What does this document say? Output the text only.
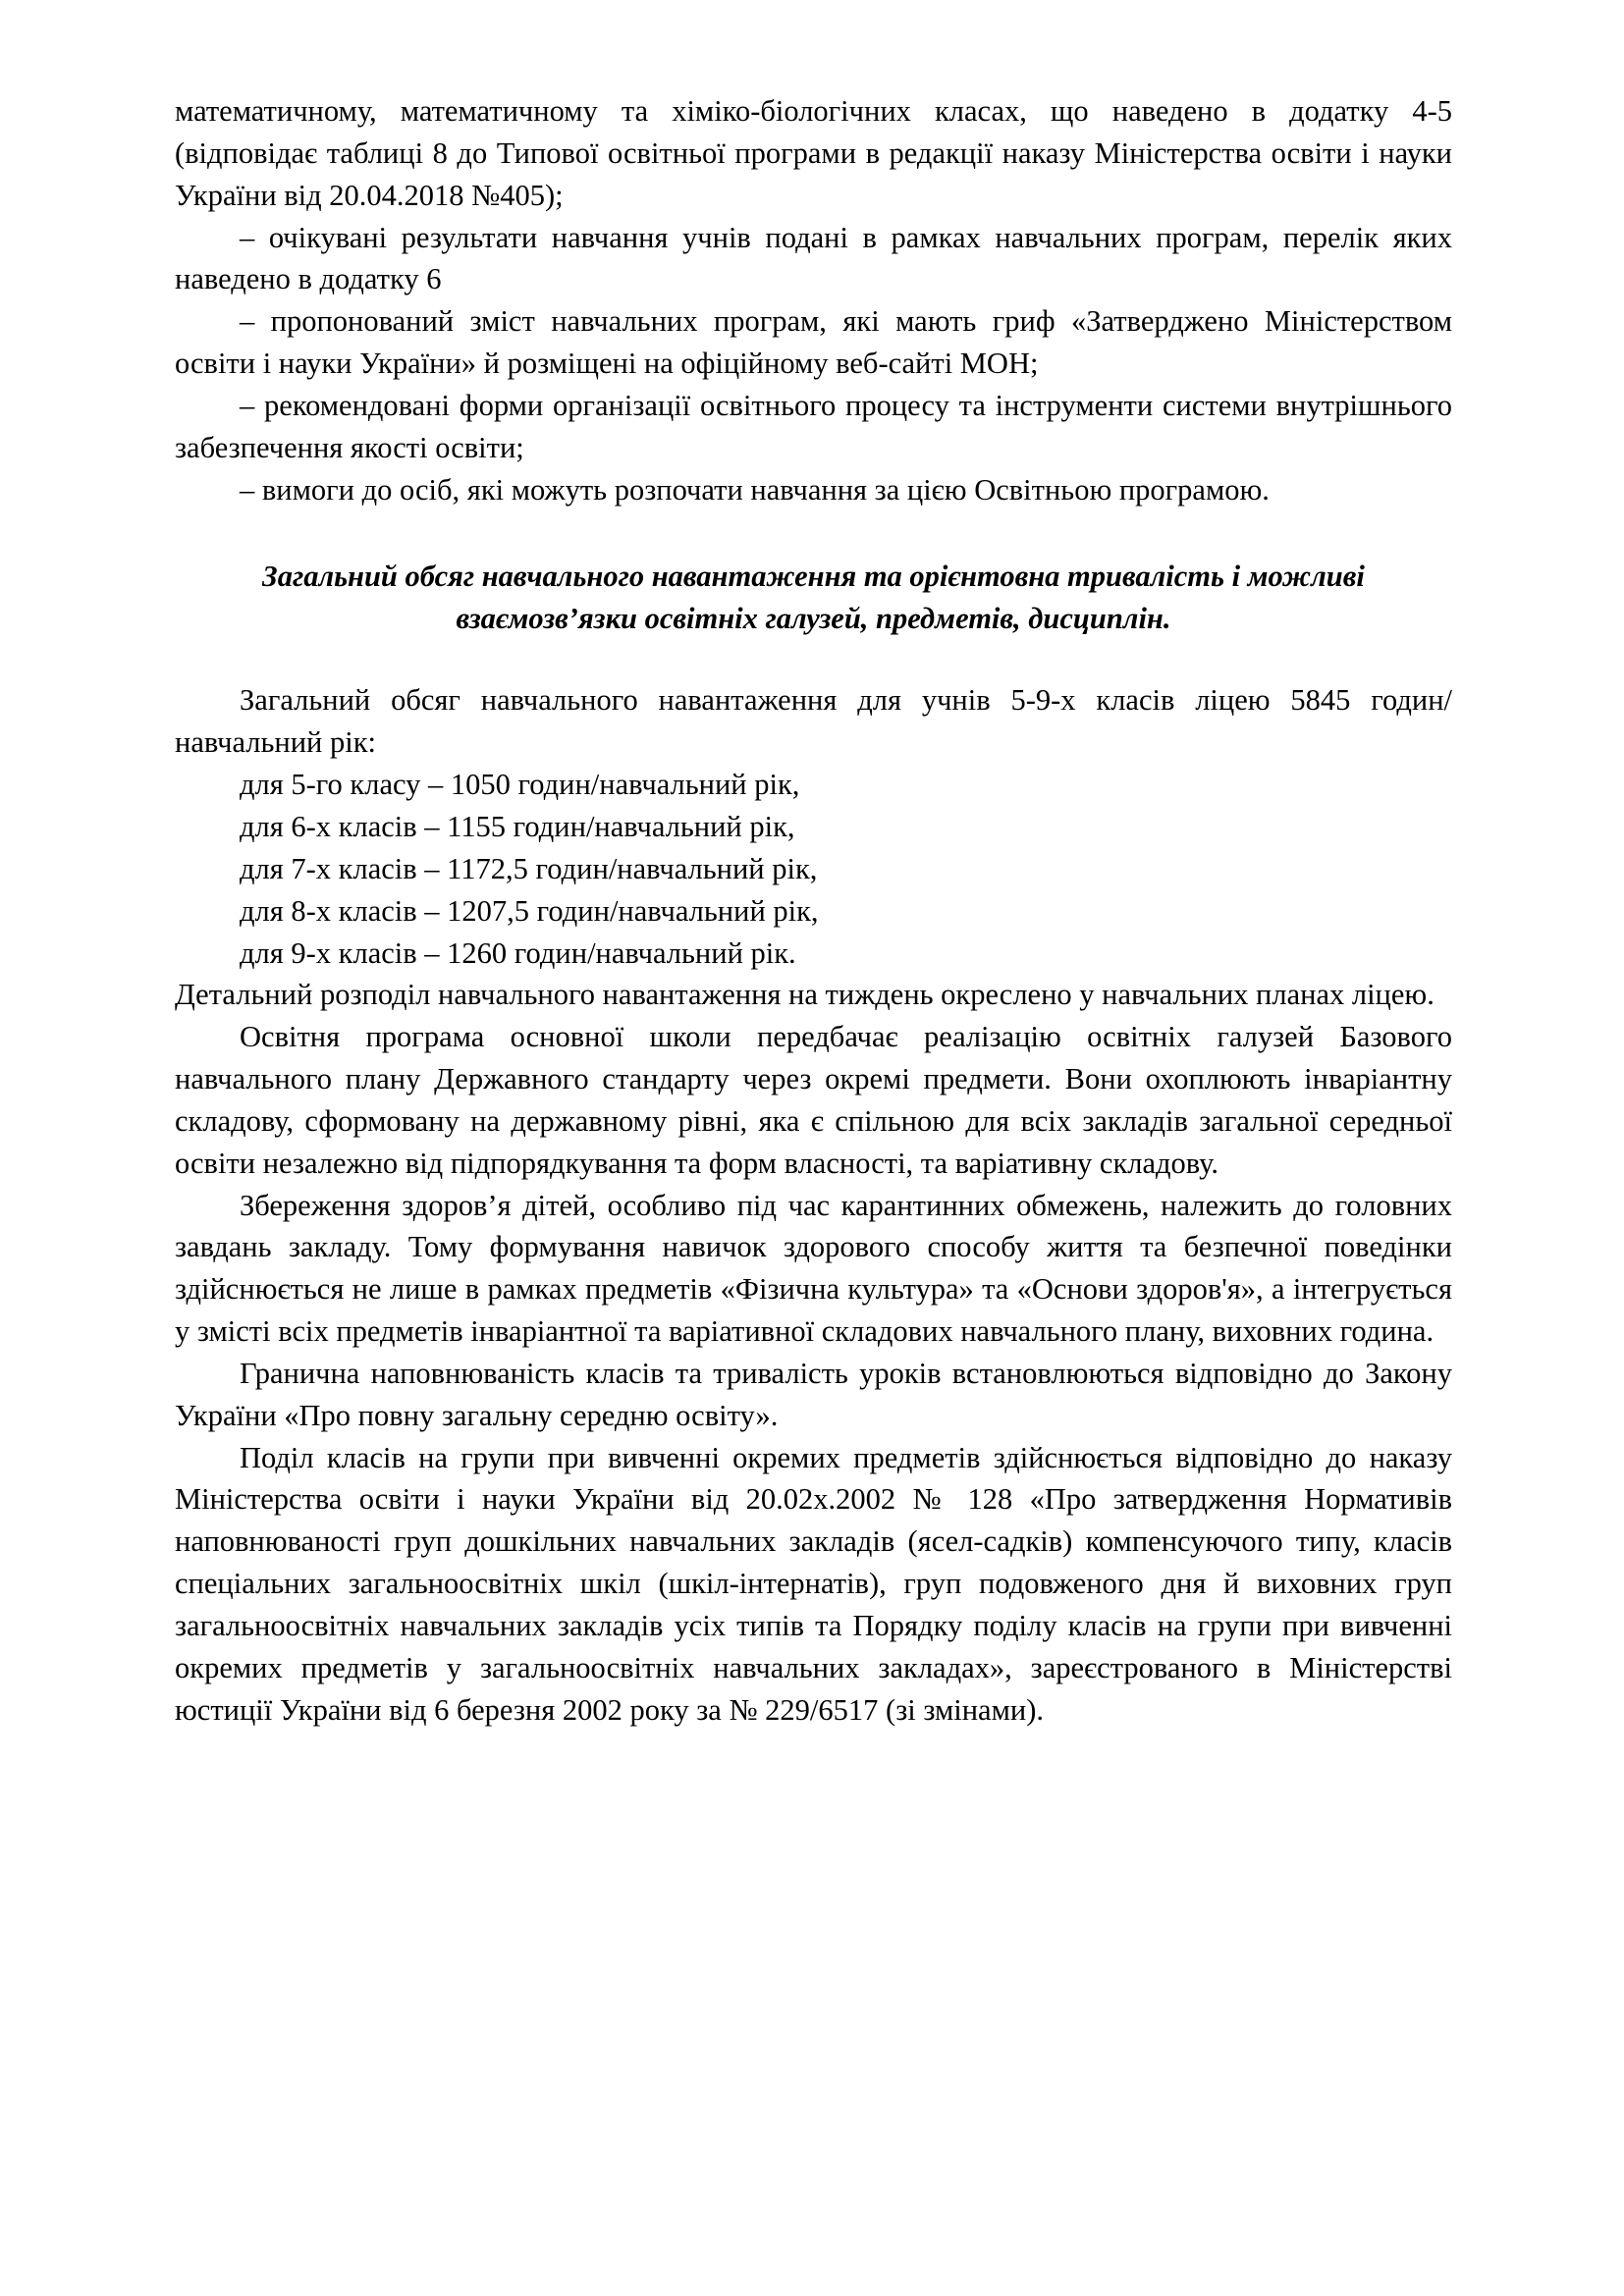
математичному, математичному та хіміко-біологічних класах, що наведено в додатку 4-5 (відповідає таблиці 8 до Типової освітньої програми в редакції наказу Міністерства освіти і науки України від 20.04.2018 №405);

– очікувані результати навчання учнів подані в рамках навчальних програм, перелік яких наведено в додатку 6

– пропонований зміст навчальних програм, які мають гриф «Затверджено Міністерством освіти і науки України» й розміщені на офіційному веб-сайті МОН;

– рекомендовані форми організації освітнього процесу та інструменти системи внутрішнього забезпечення якості освіти;

– вимоги до осіб, які можуть розпочати навчання за цією Освітньою програмою.

Загальний обсяг навчального навантаження та орієнтовна тривалість і можливі взаємозв’язки освітніх галузей, предметів, дисциплін.

Загальний обсяг навчального навантаження для учнів 5-9-х класів ліцею 5845 годин/навчальний рік:

для 5-го класу – 1050 годин/навчальний рік,

для 6-х класів – 1155 годин/навчальний рік,

для 7-х класів – 1172,5 годин/навчальний рік,

для 8-х класів – 1207,5 годин/навчальний рік,

для 9-х класів – 1260 годин/навчальний рік.

Детальний розподіл навчального навантаження на тиждень окреслено у навчальних планах ліцею.

Освітня програма основної школи передбачає реалізацію освітніх галузей Базового навчального плану Державного стандарту через окремі предмети. Вони охоплюють інваріантну складову, сформовану на державному рівні, яка є спільною для всіх закладів загальної середньої освіти незалежно від підпорядкування та форм власності, та варіативну складову.

Збереження здоров’я дітей, особливо під час карантинних обмежень, належить до головних завдань закладу. Тому формування навичок здорового способу життя та безпечної поведінки здійснюється не лише в рамках предметів «Фізична культура» та «Основи здоров'я», а інтегрується у змісті всіх предметів інваріантної та варіативної складових навчального плану, виховних година.

Гранична наповнюваність класів та тривалість уроків встановлюються відповідно до Закону України «Про повну загальну середню освіту».

Поділ класів на групи при вивченні окремих предметів здійснюється відповідно до наказу Міністерства освіти і науки України від 20.02х.2002 № 128 «Про затвердження Нормативів наповнюваності груп дошкільних навчальних закладів (ясел-садків) компенсуючого типу, класів спеціальних загальноосвітніх шкіл (шкіл-інтернатів), груп подовженого дня й виховних груп загальноосвітніх навчальних закладів усіх типів та Порядку поділу класів на групи при вивченні окремих предметів у загальноосвітніх навчальних закладах», зареєстрованого в Міністерстві юстиції України від 6 березня 2002 року за № 229/6517 (зі змінами).
